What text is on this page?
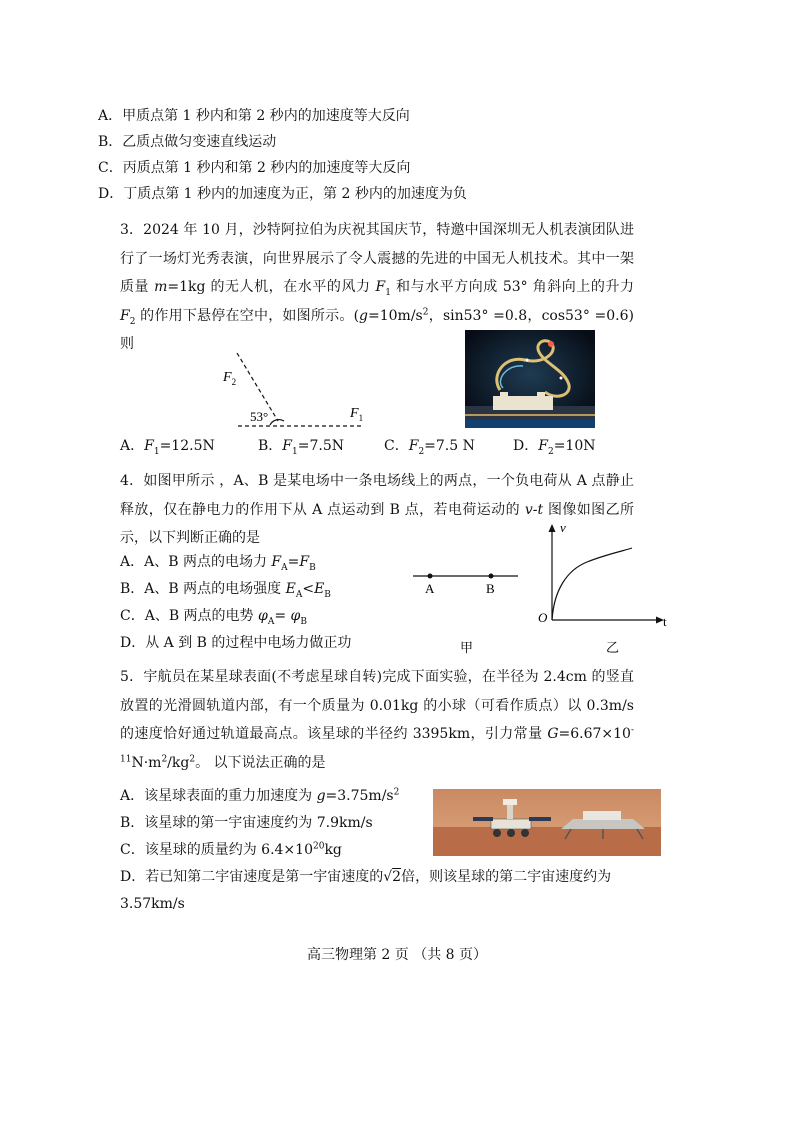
A．甲质点第 1 秒内和第 2 秒内的加速度等大反向
B．乙质点做匀变速直线运动
C．丙质点第 1 秒内和第 2 秒内的加速度等大反向
D．丁质点第 1 秒内的加速度为正，第 2 秒内的加速度为负
3．2024 年 10 月，沙特阿拉伯为庆祝其国庆节，特邀中国深圳无人机表演团队进行了一场灯光秀表演，向世界展示了令人震撼的先进的中国无人机技术。其中一架质量 m=1kg 的无人机，在水平的风力 $F_1$ 和与水平方向成 53° 角斜向上的升力 $F_2$ 的作用下悬停在空中，如图所示。($g=10m/s^2$，sin53° =0.8，cos53° =0.6)则
$F_2$
53°	$F_1$
A．$F_1=12.5N$	B．$F_1=7.5N$	C．$F_2=7.5$ N	D．$F_2=10N$
4．如图甲所示 ，A、B 是某电场中一条电场线上的两点，一个负电荷从 A 点静止释放，仅在静电力的作用下从 A 点运动到 B 点，若电荷运动的 v-t 图像如图乙所示，以下判断正确的是
A．A、B 两点的电场力 $F_A=F_B$
B．A、B 两点的电场强度 $E_A<E_B$
C．A、B 两点的电势 $\varphi_A= \varphi_B$
D．从 A 到 B 的过程中电场力做正功
A	B
甲
v
t
O
乙
5．宇航员在某星球表面(不考虑星球自转)完成下面实验，在半径为 2.4cm 的竖直放置的光滑圆轨道内部，有一个质量为 0.01kg 的小球（可看作质点）以 0.3m/s 的速度恰好通过轨道最高点。该星球的半径约 3395km，引力常量 $G=6.67\times 10^{-11}N\cdot m^2/kg^2$。 以下说法正确的是
A．该星球表面的重力加速度为 $g=3.75m/s^2$
B．该星球的第一宇宙速度约为 7.9km/s
C．该星球的质量约为 $6.4\times 10^{20}kg$
D．若已知第二宇宙速度是第一宇宙速度的√2倍，则该星球的第二宇宙速度约为
3.57km/s
高三物理第 2 页 （共 8 页）
